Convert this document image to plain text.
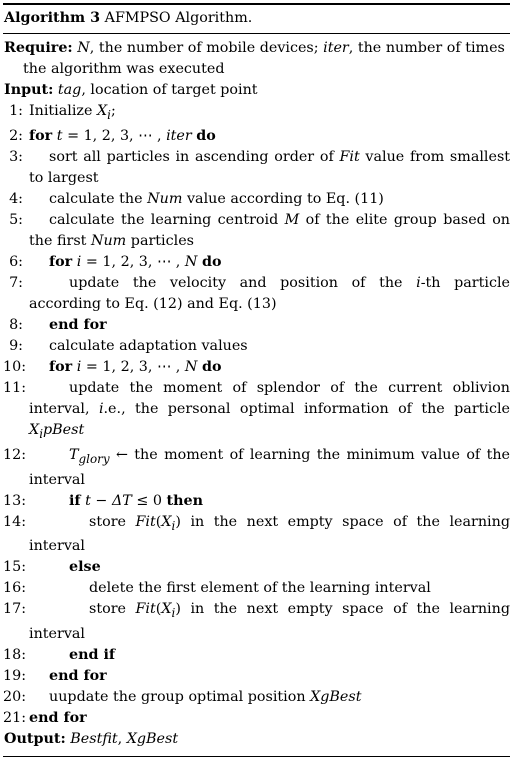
Algorithm 3 AFMPSO Algorithm.
Require: N, the number of mobile devices; iter, the number of times the algorithm was executed
Input: tag, location of target point
1: Initialize $X_i$;
2: for t = 1, 2, 3, ⋯ , iter do
3:	sort all particles in ascending order of Fit value from smallest to largest
4:	calculate the Num value according to Eq. (11)
5:	calculate the learning centroid M of the elite group based on the first Num particles
6:	for i = 1, 2, 3, ⋯ , N do
7:	update the velocity and position of the i-th particle according to Eq. (12) and Eq. (13)
8:	end for
9:	calculate adaptation values
10:	for i = 1, 2, 3, ⋯ , N do
11:	update the moment of splendor of the current oblivion interval, i.e., the personal optimal information of the particle $X_ipBest$
12:	$T_{glory}$ ← the moment of learning the minimum value of the interval
13:	if t − ΔT ≤ 0 then
14:	store $Fit(X_i)$ in the next empty space of the learning interval
15:	else
16:	delete the first element of the learning interval
17:	store $Fit(X_i)$ in the next empty space of the learning interval
18:	end if
19:	end for
20:	uupdate the group optimal position XgBest
21: end for
Output: Bestfit, XgBest
